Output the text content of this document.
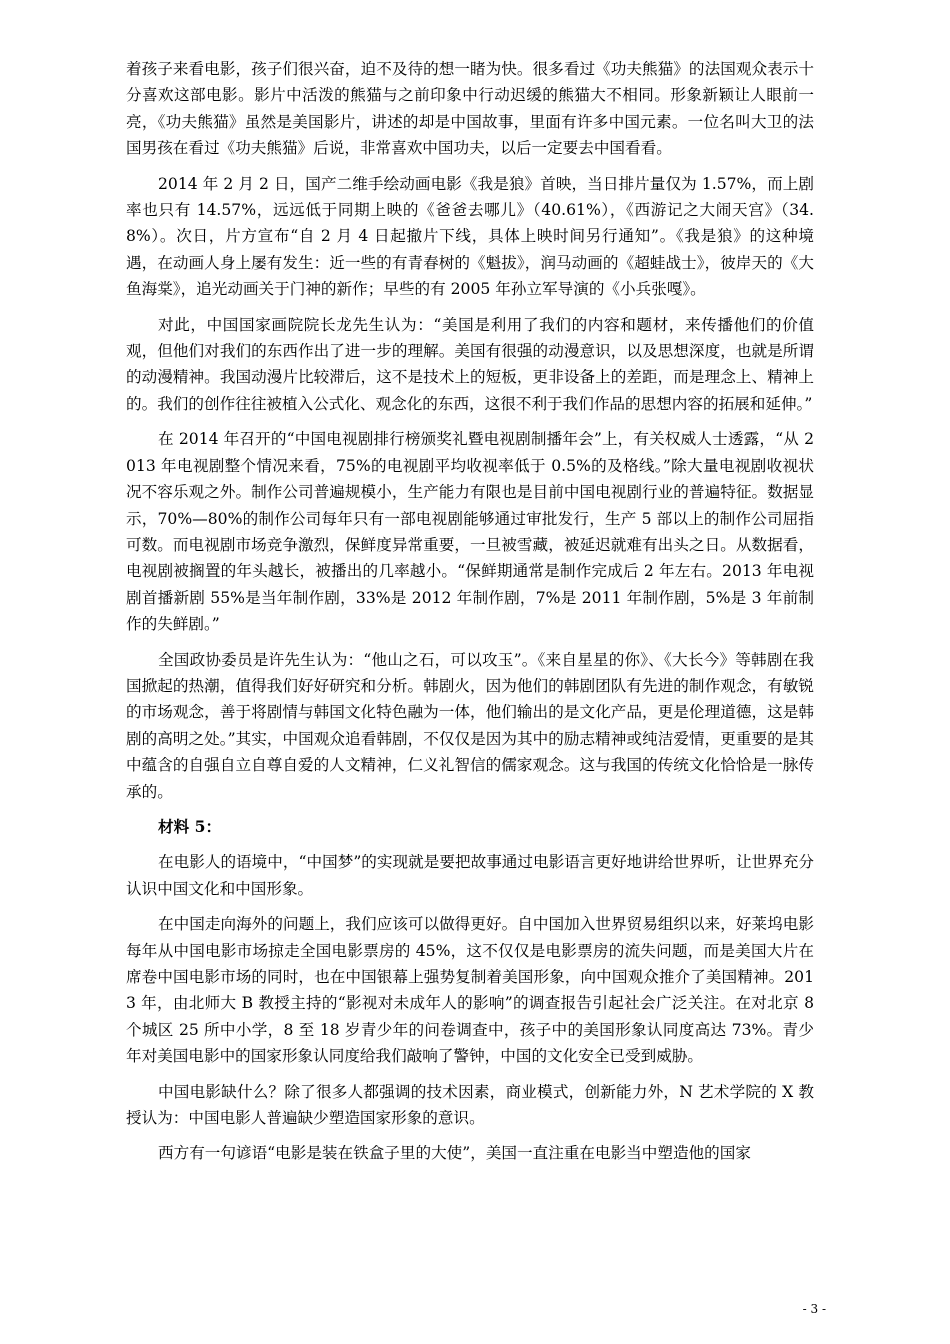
着孩子来看电影，孩子们很兴奋，迫不及待的想一睹为快。很多看过《功夫熊猫》的法国观众表示十分喜欢这部电影。影片中活泼的熊猫与之前印象中行动迟缓的熊猫大不相同。形象新颖让人眼前一亮，《功夫熊猫》虽然是美国影片，讲述的却是中国故事，里面有许多中国元素。一位名叫大卫的法国男孩在看过《功夫熊猫》后说，非常喜欢中国功夫，以后一定要去中国看看。

2014 年 2 月 2 日，国产二维手绘动画电影《我是狼》首映，当日排片量仅为 1.57%，而上剧率也只有 14.57%，远远低于同期上映的《爸爸去哪儿》（40.61%），《西游记之大闹天宫》（34.8%）。次日，片方宣布“自 2 月 4 日起撤片下线，具体上映时间另行通知”。《我是狼》的这种境遇，在动画人身上屡有发生：近一些的有青春树的《魁拔》，润马动画的《超蛙战士》，彼岸天的《大鱼海棠》，追光动画关于门神的新作；早些的有 2005 年孙立军导演的《小兵张嘎》。

对此，中国国家画院院长龙先生认为：“美国是利用了我们的内容和题材，来传播他们的价值观，但他们对我们的东西作出了进一步的理解。美国有很强的动漫意识，以及思想深度，也就是所谓的动漫精神。我国动漫片比较滞后，这不是技术上的短板，更非设备上的差距，而是理念上、精神上的。我们的创作往往被植入公式化、观念化的东西，这很不利于我们作品的思想内容的拓展和延伸。”

在 2014 年召开的“中国电视剧排行榜颁奖礼暨电视剧制播年会”上，有关权威人士透露，“从 2013 年电视剧整个情况来看，75%的电视剧平均收视率低于 0.5%的及格线。”除大量电视剧收视状况不容乐观之外。制作公司普遍规模小，生产能力有限也是目前中国电视剧行业的普遍特征。数据显示，70%—80%的制作公司每年只有一部电视剧能够通过审批发行，生产 5 部以上的制作公司屈指可数。而电视剧市场竞争激烈，保鲜度异常重要，一旦被雪藏，被延迟就难有出头之日。从数据看，电视剧被搁置的年头越长，被播出的几率越小。“保鲜期通常是制作完成后 2 年左右。2013 年电视剧首播新剧 55%是当年制作剧，33%是 2012 年制作剧，7%是 2011 年制作剧，5%是 3 年前制作的失鲜剧。”

全国政协委员是许先生认为：“他山之石，可以攻玉”。《来自星星的你》、《大长今》等韩剧在我国掀起的热潮，值得我们好好研究和分析。韩剧火，因为他们的韩剧团队有先进的制作观念，有敏锐的市场观念，善于将剧情与韩国文化特色融为一体，他们输出的是文化产品，更是伦理道德，这是韩剧的高明之处。”其实，中国观众追看韩剧，不仅仅是因为其中的励志精神或纯洁爱情，更重要的是其中蕴含的自强自立自尊自爱的人文精神，仁义礼智信的儒家观念。这与我国的传统文化恰恰是一脉传承的。

材料 5：

在电影人的语境中，“中国梦”的实现就是要把故事通过电影语言更好地讲给世界听，让世界充分认识中国文化和中国形象。

在中国走向海外的问题上，我们应该可以做得更好。自中国加入世界贸易组织以来，好莱坞电影每年从中国电影市场掠走全国电影票房的 45%，这不仅仅是电影票房的流失问题，而是美国大片在席卷中国电影市场的同时，也在中国银幕上强势复制着美国形象，向中国观众推介了美国精神。2013 年，由北师大 B 教授主持的“影视对未成年人的影响”的调查报告引起社会广泛关注。在对北京 8 个城区 25 所中小学，8 至 18 岁青少年的问卷调查中，孩子中的美国形象认同度高达 73%。青少年对美国电影中的国家形象认同度给我们敲响了警钟，中国的文化安全已受到威胁。

中国电影缺什么？除了很多人都强调的技术因素，商业模式，创新能力外，N 艺术学院的 X 教授认为：中国电影人普遍缺少塑造国家形象的意识。

西方有一句谚语“电影是装在铁盒子里的大使”，美国一直注重在电影当中塑造他的国家

- 3 -
